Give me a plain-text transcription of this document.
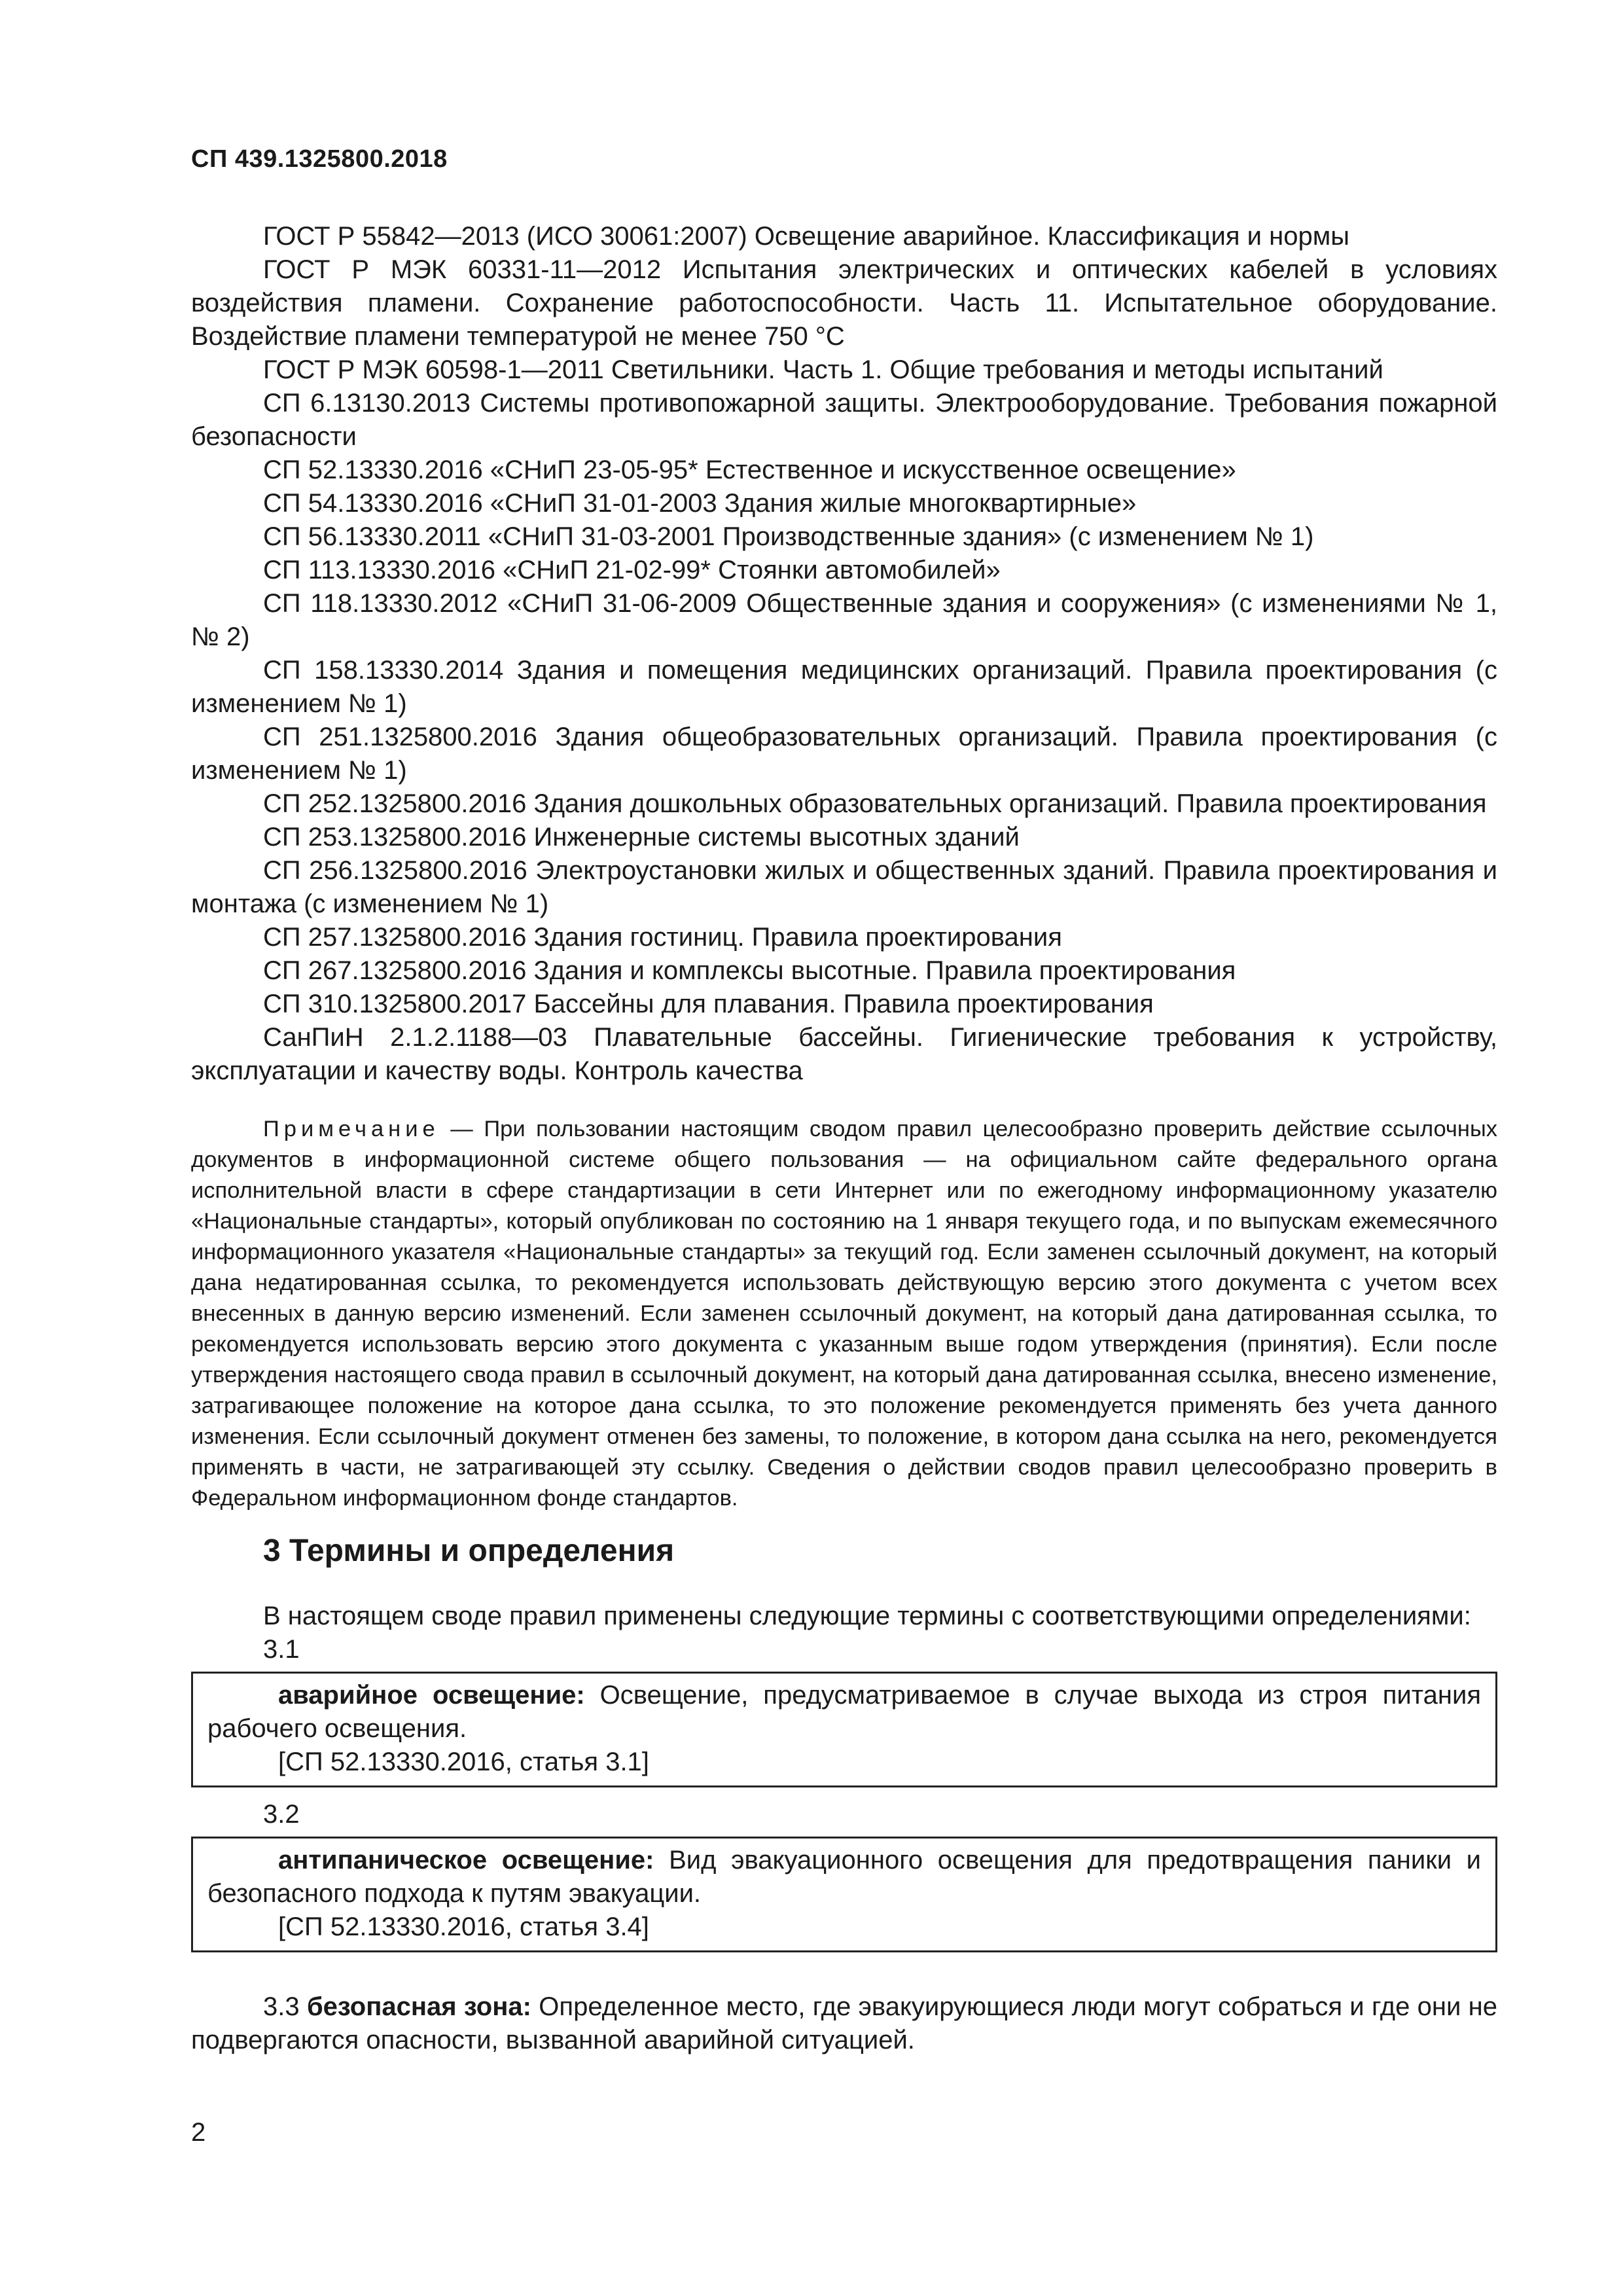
СП 439.1325800.2018

ГОСТ Р 55842—2013 (ИСО 30061:2007) Освещение аварийное. Классификация и нормы

ГОСТ Р МЭК 60331-11—2012 Испытания электрических и оптических кабелей в условиях воздействия пламени. Сохранение работоспособности. Часть 11. Испытательное оборудование. Воздействие пламени температурой не менее 750 °С

ГОСТ Р МЭК 60598-1—2011 Светильники. Часть 1. Общие требования и методы испытаний

СП 6.13130.2013 Системы противопожарной защиты. Электрооборудование. Требования пожарной безопасности

СП 52.13330.2016 «СНиП 23-05-95* Естественное и искусственное освещение»

СП 54.13330.2016 «СНиП 31-01-2003 Здания жилые многоквартирные»

СП 56.13330.2011 «СНиП 31-03-2001 Производственные здания» (с изменением № 1)

СП 113.13330.2016 «СНиП 21-02-99* Стоянки автомобилей»

СП 118.13330.2012 «СНиП 31-06-2009 Общественные здания и сооружения» (с изменениями № 1, № 2)

СП 158.13330.2014 Здания и помещения медицинских организаций. Правила проектирования (с изменением № 1)

СП 251.1325800.2016 Здания общеобразовательных организаций. Правила проектирования (с изменением № 1)

СП 252.1325800.2016 Здания дошкольных образовательных организаций. Правила проектирования

СП 253.1325800.2016 Инженерные системы высотных зданий

СП 256.1325800.2016 Электроустановки жилых и общественных зданий. Правила проектирования и монтажа (с изменением № 1)

СП 257.1325800.2016 Здания гостиниц. Правила проектирования

СП 267.1325800.2016 Здания и комплексы высотные. Правила проектирования

СП 310.1325800.2017 Бассейны для плавания. Правила проектирования

СанПиН 2.1.2.1188—03 Плавательные бассейны. Гигиенические требования к устройству, эксплуатации и качеству воды. Контроль качества

Примечание — При пользовании настоящим сводом правил целесообразно проверить действие ссылочных документов в информационной системе общего пользования — на официальном сайте федерального органа исполнительной власти в сфере стандартизации в сети Интернет или по ежегодному информационному указателю «Национальные стандарты», который опубликован по состоянию на 1 января текущего года, и по выпускам ежемесячного информационного указателя «Национальные стандарты» за текущий год. Если заменен ссылочный документ, на который дана недатированная ссылка, то рекомендуется использовать действующую версию этого документа с учетом всех внесенных в данную версию изменений. Если заменен ссылочный документ, на который дана датированная ссылка, то рекомендуется использовать версию этого документа с указанным выше годом утверждения (принятия). Если после утверждения настоящего свода правил в ссылочный документ, на который дана датированная ссылка, внесено изменение, затрагивающее положение на которое дана ссылка, то это положение рекомендуется применять без учета данного изменения. Если ссылочный документ отменен без замены, то положение, в котором дана ссылка на него, рекомендуется применять в части, не затрагивающей эту ссылку. Сведения о действии сводов правил целесообразно проверить в Федеральном информационном фонде стандартов.

3 Термины и определения

В настоящем своде правил применены следующие термины с соответствующими определениями:

3.1

аварийное освещение: Освещение, предусматриваемое в случае выхода из строя питания рабочего освещения.

[СП 52.13330.2016, статья 3.1]

3.2

антипаническое освещение: Вид эвакуационного освещения для предотвращения паники и безопасного подхода к путям эвакуации.

[СП 52.13330.2016, статья 3.4]

3.3 безопасная зона: Определенное место, где эвакуирующиеся люди могут собраться и где они не подвергаются опасности, вызванной аварийной ситуацией.

2
